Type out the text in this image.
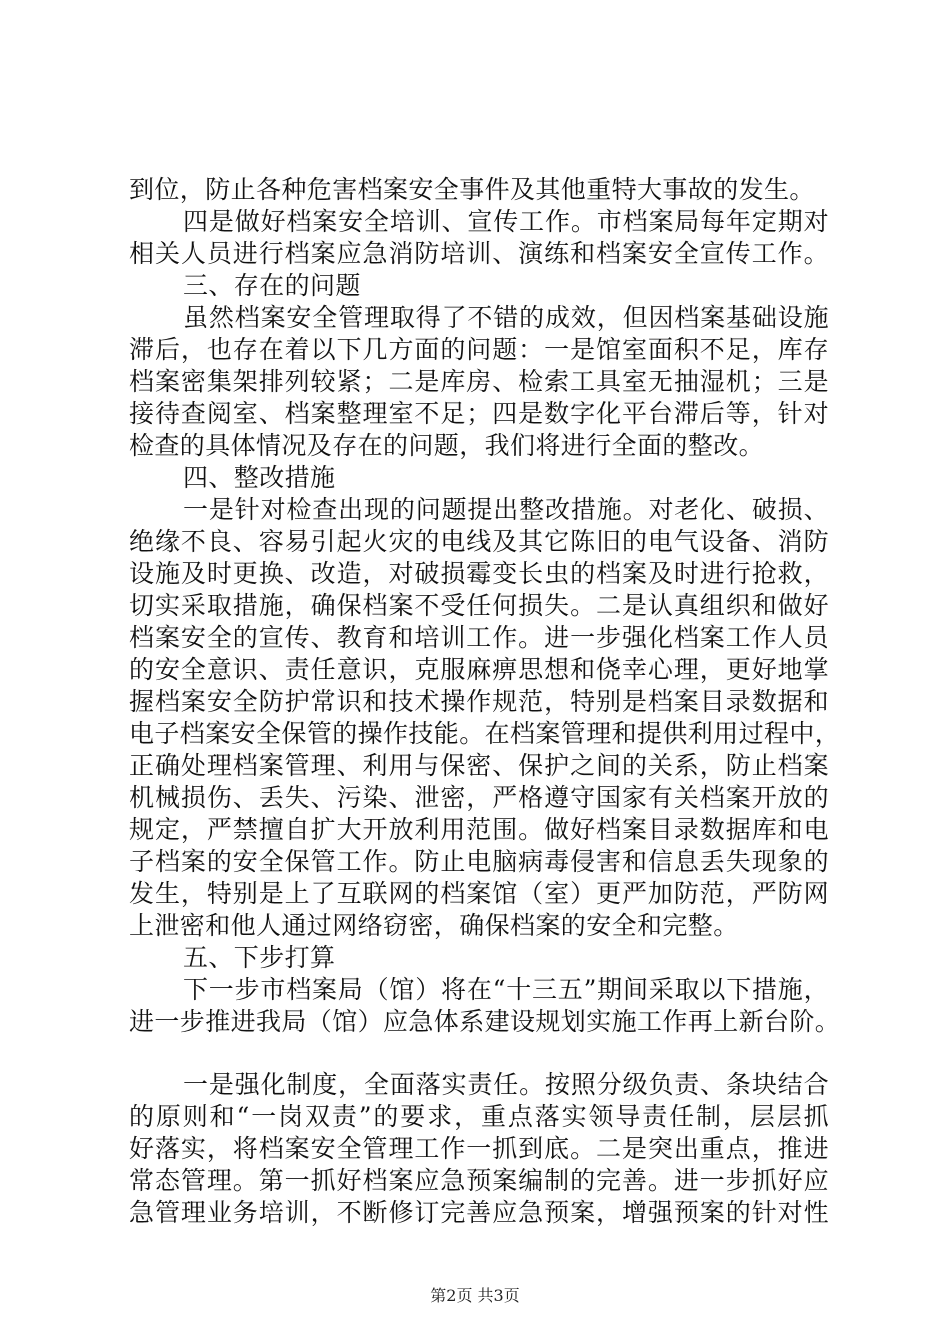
到位，防止各种危害档案安全事件及其他重特大事故的发生。
四是做好档案安全培训、宣传工作。市档案局每年定期对
相关人员进行档案应急消防培训、演练和档案安全宣传工作。
三、存在的问题
虽然档案安全管理取得了不错的成效，但因档案基础设施
滞后，也存在着以下几方面的问题：一是馆室面积不足，库存
档案密集架排列较紧；二是库房、检索工具室无抽湿机；三是
接待查阅室、档案整理室不足；四是数字化平台滞后等，针对
检查的具体情况及存在的问题，我们将进行全面的整改。
四、整改措施
一是针对检查出现的问题提出整改措施。对老化、破损、
绝缘不良、容易引起火灾的电线及其它陈旧的电气设备、消防
设施及时更换、改造，对破损霉变长虫的档案及时进行抢救，
切实采取措施，确保档案不受任何损失。二是认真组织和做好
档案安全的宣传、教育和培训工作。进一步强化档案工作人员
的安全意识、责任意识，克服麻痹思想和侥幸心理，更好地掌
握档案安全防护常识和技术操作规范，特别是档案目录数据和
电子档案安全保管的操作技能。在档案管理和提供利用过程中，
正确处理档案管理、利用与保密、保护之间的关系，防止档案
机械损伤、丢失、污染、泄密，严格遵守国家有关档案开放的
规定，严禁擅自扩大开放利用范围。做好档案目录数据库和电
子档案的安全保管工作。防止电脑病毒侵害和信息丢失现象的
发生，特别是上了互联网的档案馆（室）更严加防范，严防网
上泄密和他人通过网络窃密，确保档案的安全和完整。
五、下步打算
下一步市档案局（馆）将在“十三五”期间采取以下措施，
进一步推进我局（馆）应急体系建设规划实施工作再上新台阶。
一是强化制度，全面落实责任。按照分级负责、条块结合
的原则和“一岗双责”的要求，重点落实领导责任制，层层抓
好落实，将档案安全管理工作一抓到底。二是突出重点，推进
常态管理。第一抓好档案应急预案编制的完善。进一步抓好应
急管理业务培训，不断修订完善应急预案，增强预案的针对性
第2页 共3页
